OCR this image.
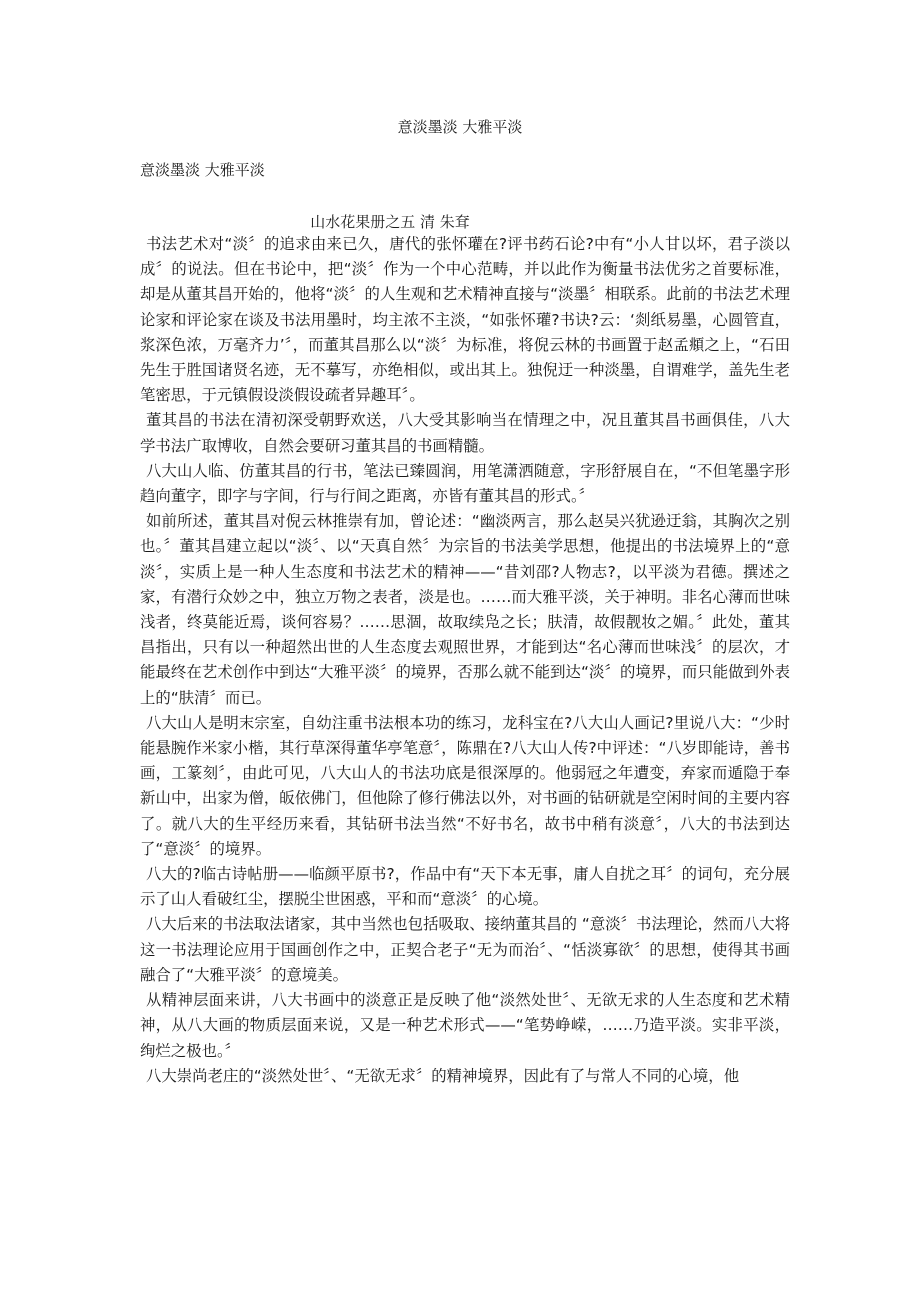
意淡墨淡 大雅平淡

意淡墨淡 大雅平淡

山水花果册之五 清 朱耷

书法艺术对“淡〞的追求由来已久，唐代的张怀瓘在?评书药石论?中有“小人甘以坏，君子淡以成〞的说法。但在书论中，把“淡〞作为一个中心范畴，并以此作为衡量书法优劣之首要标准，却是从董其昌开始的，他将“淡〞的人生观和艺术精神直接与“淡墨〞相联系。此前的书法艺术理论家和评论家在谈及书法用墨时，均主浓不主淡，“如张怀瓘?书诀?云：‘剡纸易墨，心圆管直，浆深色浓，万毫齐力’〞，而董其昌那么以“淡〞为标准，将倪云林的书画置于赵孟頫之上，“石田先生于胜国诸贤名迹，无不摹写，亦绝相似，或出其上。独倪迂一种淡墨，自谓难学，盖先生老笔密思，于元镇假设淡假设疏者异趣耳〞。

董其昌的书法在清初深受朝野欢送，八大受其影响当在情理之中，况且董其昌书画俱佳，八大学书法广取博收，自然会要研习董其昌的书画精髓。

八大山人临、仿董其昌的行书，笔法已臻圆润，用笔潇洒随意，字形舒展自在，“不但笔墨字形趋向董字，即字与字间，行与行间之距离，亦皆有董其昌的形式。〞

如前所述，董其昌对倪云林推崇有加，曾论述：“幽淡两言，那么赵吴兴犹逊迂翁，其胸次之别也。〞董其昌建立起以“淡〞、以“天真自然〞为宗旨的书法美学思想，他提出的书法境界上的“意淡〞，实质上是一种人生态度和书法艺术的精神——“昔刘邵?人物志?，以平淡为君德。撰述之家，有潜行众妙之中，独立万物之表者，淡是也。……而大雅平淡，关于神明。非名心薄而世味浅者，终莫能近焉，谈何容易？……思涸，故取续凫之长；肤清，故假靓妆之媚。〞此处，董其昌指出，只有以一种超然出世的人生态度去观照世界，才能到达“名心薄而世味浅〞的层次，才能最终在艺术创作中到达“大雅平淡〞的境界，否那么就不能到达“淡〞的境界，而只能做到外表上的“肤清〞而已。

八大山人是明末宗室，自幼注重书法根本功的练习，龙科宝在?八大山人画记?里说八大：“少时能悬腕作米家小楷，其行草深得董华亭笔意〞，陈鼎在?八大山人传?中评述：“八岁即能诗，善书画，工篆刻〞，由此可见，八大山人的书法功底是很深厚的。他弱冠之年遭变，弃家而遁隐于奉新山中，出家为僧，皈依佛门，但他除了修行佛法以外，对书画的钻研就是空闲时间的主要内容了。就八大的生平经历来看，其钻研书法当然“不好书名，故书中稍有淡意〞，八大的书法到达了“意淡〞的境界。

八大的?临古诗帖册——临颜平原书?，作品中有“天下本无事，庸人自扰之耳〞的词句，充分展示了山人看破红尘，摆脱尘世困惑，平和而“意淡〞的心境。

八大后来的书法取法诸家，其中当然也包括吸取、接纳董其昌的 “意淡〞书法理论，然而八大将这一书法理论应用于国画创作之中，正契合老子“无为而治〞、“恬淡寡欲〞的思想，使得其书画融合了“大雅平淡〞的意境美。

从精神层面来讲，八大书画中的淡意正是反映了他“淡然处世〞、无欲无求的人生态度和艺术精神，从八大画的物质层面来说，又是一种艺术形式——“笔势峥嵘，……乃造平淡。实非平淡，绚烂之极也。〞

八大崇尚老庄的“淡然处世〞、“无欲无求〞的精神境界，因此有了与常人不同的心境，他
